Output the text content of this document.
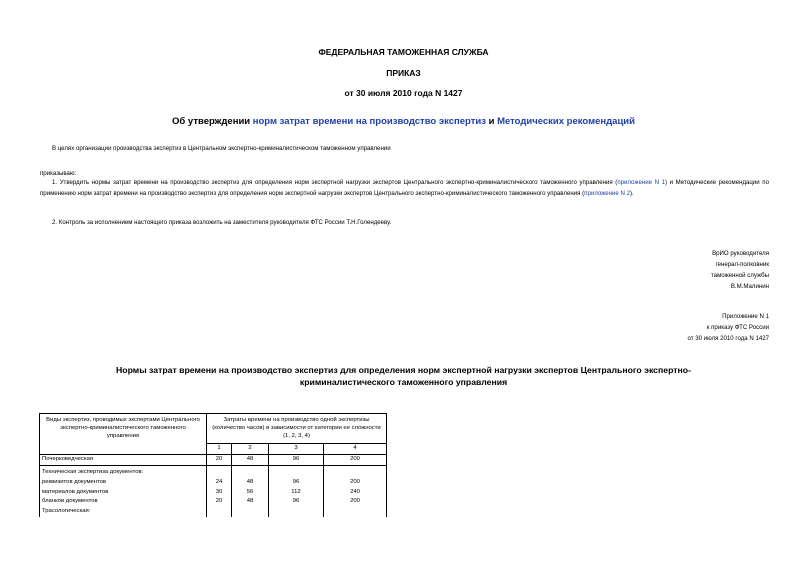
ФЕДЕРАЛЬНАЯ ТАМОЖЕННАЯ СЛУЖБА
ПРИКАЗ
от 30 июля 2010 года N 1427
Об утверждении норм затрат времени на производство экспертиз и Методических рекомендаций
В целях организации производства экспертиз в Центральном экспертно-криминалистическом таможенном управлении
приказываю:
1. Утвердить нормы затрат времени на производство экспертиз для определения норм экспертной нагрузки экспертов Центрального экспертно-криминалистического таможенного управления (приложение N 1) и Методические рекомендации по применению норм затрат времени на производство экспертиз для определения норм экспертной нагрузки экспертов Центрального экспертно-криминалистического таможенного управления (приложение N 2).
2. Контроль за исполнением настоящего приказа возложить на заместителя руководителя ФТС России Т.Н.Голендееву.
ВрИО руководителя
генерал-полковник
таможенной службы
В.М.Малинин
Приложение N 1
к приказу ФТС России
от 30 июля 2010 года N 1427
Нормы затрат времени на производство экспертиз для определения норм экспертной нагрузки экспертов Центрального экспертно-криминалистического таможенного управления
Виды экспертиз, проводимых экспертами Центрального экспертно-криминалистического таможенного управления	Затраты времени на производство одной экспертизы (количество часов) в зависимости от категории ее сложности (1, 2, 3, 4)			
	1	2	3	4
Почерковедческая	20	48	96	200
Техническая экспертиза документов:				
реквизитов документов	24	48	96	200
материалов документов	30	56	112	240
бланков документов	20	48	96	200
Трасологическая:				
